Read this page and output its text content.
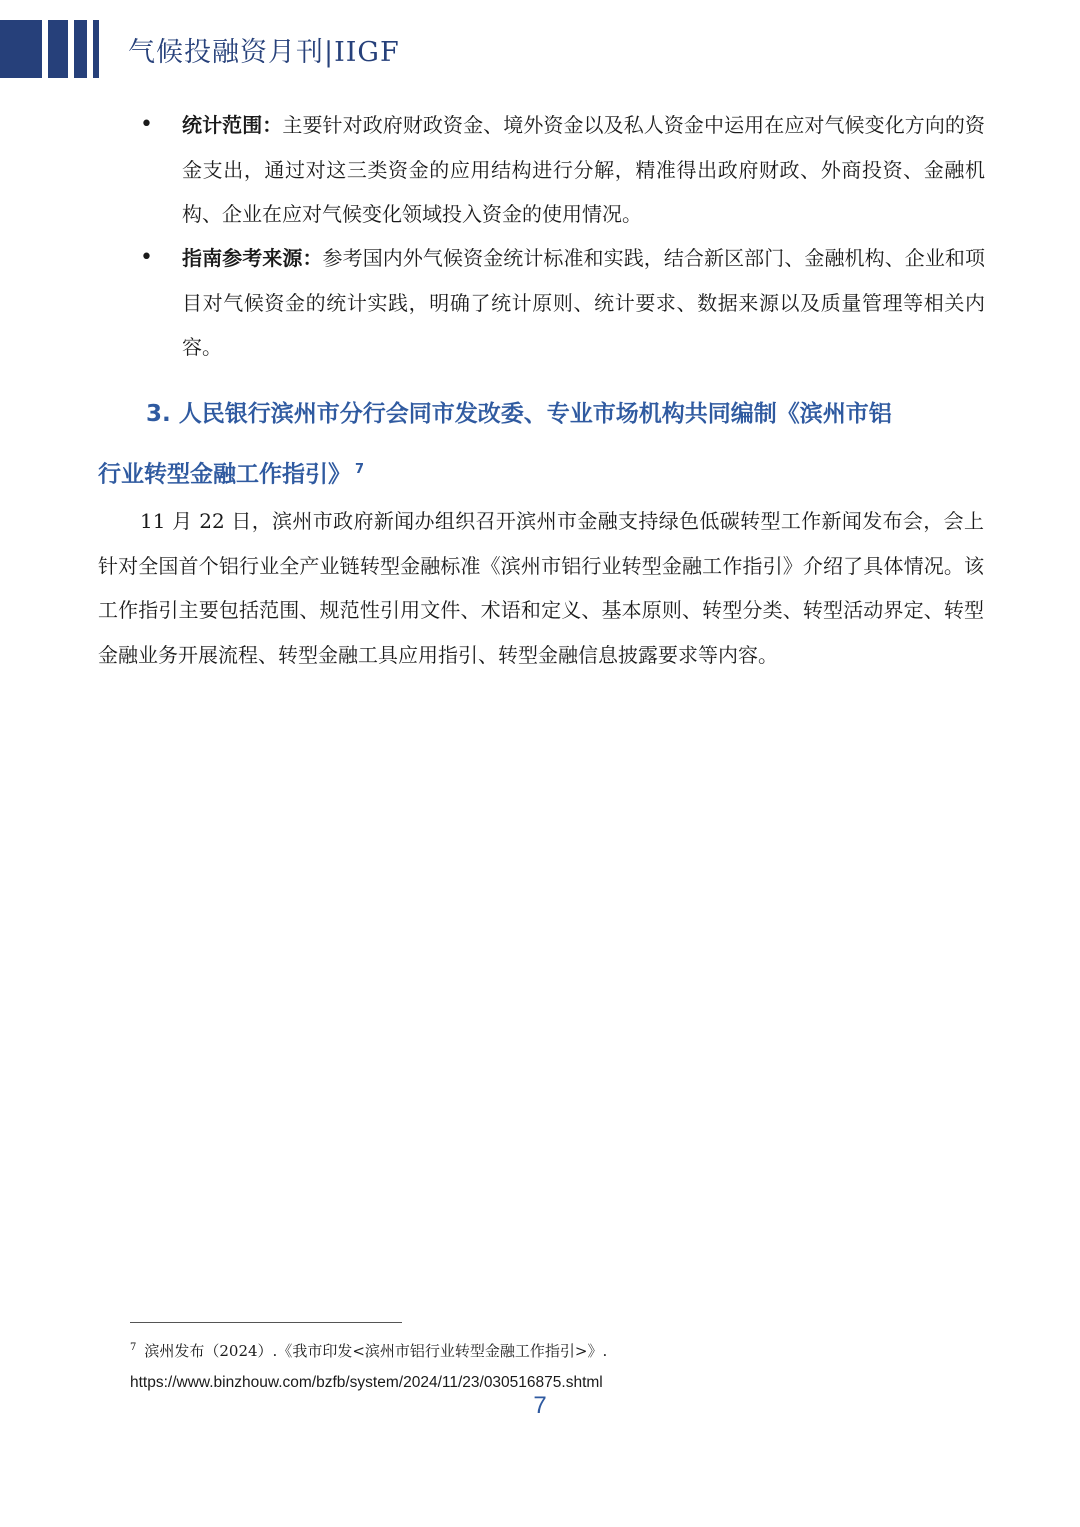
气候投融资月刊|IIGF
• 统计范围：主要针对政府财政资金、境外资金以及私人资金中运用在应对气候变化方向的资金支出，通过对这三类资金的应用结构进行分解，精准得出政府财政、外商投资、金融机构、企业在应对气候变化领域投入资金的使用情况。
• 指南参考来源：参考国内外气候资金统计标准和实践，结合新区部门、金融机构、企业和项目对气候资金的统计实践，明确了统计原则、统计要求、数据来源以及质量管理等相关内容。
3. 人民银行滨州市分行会同市发改委、专业市场机构共同编制《滨州市铝
行业转型金融工作指引》 $^7$
11 月 22 日，滨州市政府新闻办组织召开滨州市金融支持绿色低碳转型工作新闻发布会，会上针对全国首个铝行业全产业链转型金融标准《滨州市铝行业转型金融工作指引》介绍了具体情况。该工作指引主要包括范围、规范性引用文件、术语和定义、基本原则、转型分类、转型活动界定、转型金融业务开展流程、转型金融工具应用指引、转型金融信息披露要求等内容。
$^7$ 滨州发布（2024）.《我市印发<滨州市铝行业转型金融工作指引>》.
https://www.binzhouw.com/bzfb/system/2024/11/23/030516875.shtml
7
